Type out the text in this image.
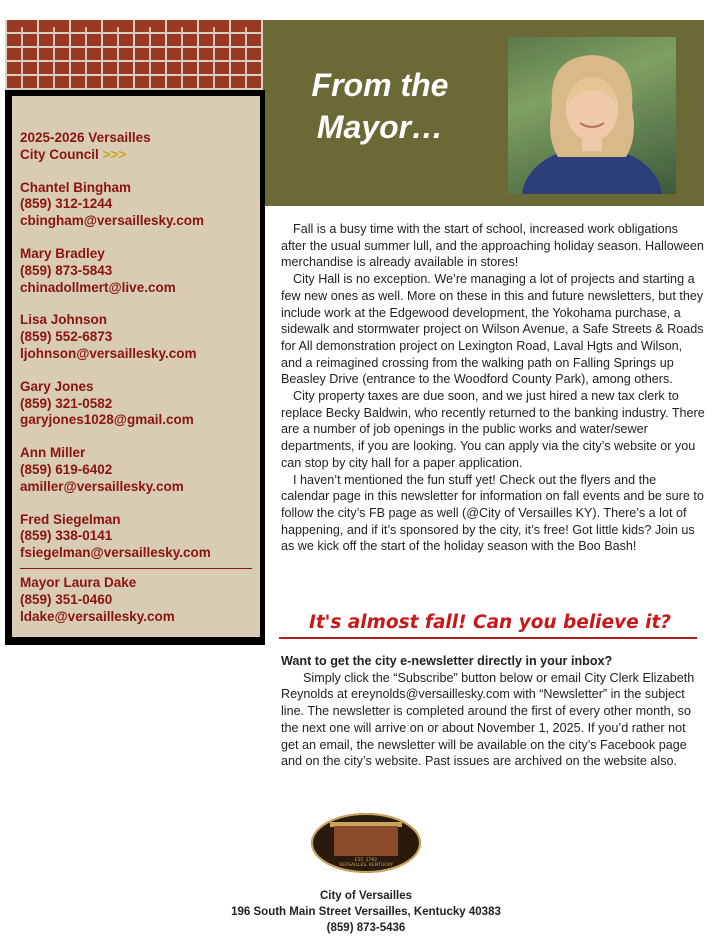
From the
Mayor…
2025-2026 Versailles
City Council >>>
Chantel Bingham
(859) 312-1244
cbingham@versaillesky.com
Mary Bradley
(859) 873-5843
chinadollmert@live.com
Lisa Johnson
(859) 552-6873
ljohnson@versaillesky.com
Gary Jones
(859) 321-0582
garyjones1028@gmail.com
Ann Miller
(859) 619-6402
amiller@versaillesky.com
Fred Siegelman
(859) 338-0141
fsiegelman@versaillesky.com
Mayor Laura Dake
(859) 351-0460
ldake@versaillesky.com

Fall is a busy time with the start of school, increased work obligations after the usual summer lull, and the approaching holiday season. Halloween merchandise is already available in stores!

City Hall is no exception. We’re managing a lot of projects and starting a few new ones as well. More on these in this and future newsletters, but they include work at the Edgewood development, the Yokohama purchase, a sidewalk and stormwater project on Wilson Avenue, a Safe Streets & Roads for All demonstration project on Lexington Road, Laval Hgts and Wilson, and a reimagined crossing from the walking path on Falling Springs up Beasley Drive (entrance to the Woodford County Park), among others.

City property taxes are due soon, and we just hired a new tax clerk to replace Becky Baldwin, who recently returned to the banking industry. There are a number of job openings in the public works and water/sewer departments, if you are looking. You can apply via the city’s website or you can stop by city hall for a paper application.

I haven’t mentioned the fun stuff yet! Check out the flyers and the calendar page in this newsletter for information on fall events and be sure to follow the city’s FB page as well (@City of Versailles KY). There’s a lot of happening, and if it’s sponsored by the city, it’s free! Got little kids? Join us as we kick off the start of the holiday season with the Boo Bash!

It's almost fall! Can you believe it?
Want to get the city e-newsletter directly in your inbox?

Simply click the “Subscribe” button below or email City Clerk Elizabeth Reynolds at ereynolds@versaillesky.com with “Newsletter” in the subject line. The newsletter is completed around the first of every other month, so the next one will arrive on or about November 1, 2025. If you’d rather not get an email, the newsletter will be available on the city’s Facebook page and on the city’s website. Past issues are archived on the website also.

EST. 1792
VERSAILLES, KENTUCKY
City of Versailles
196 South Main Street Versailles, Kentucky 40383
(859) 873-5436
